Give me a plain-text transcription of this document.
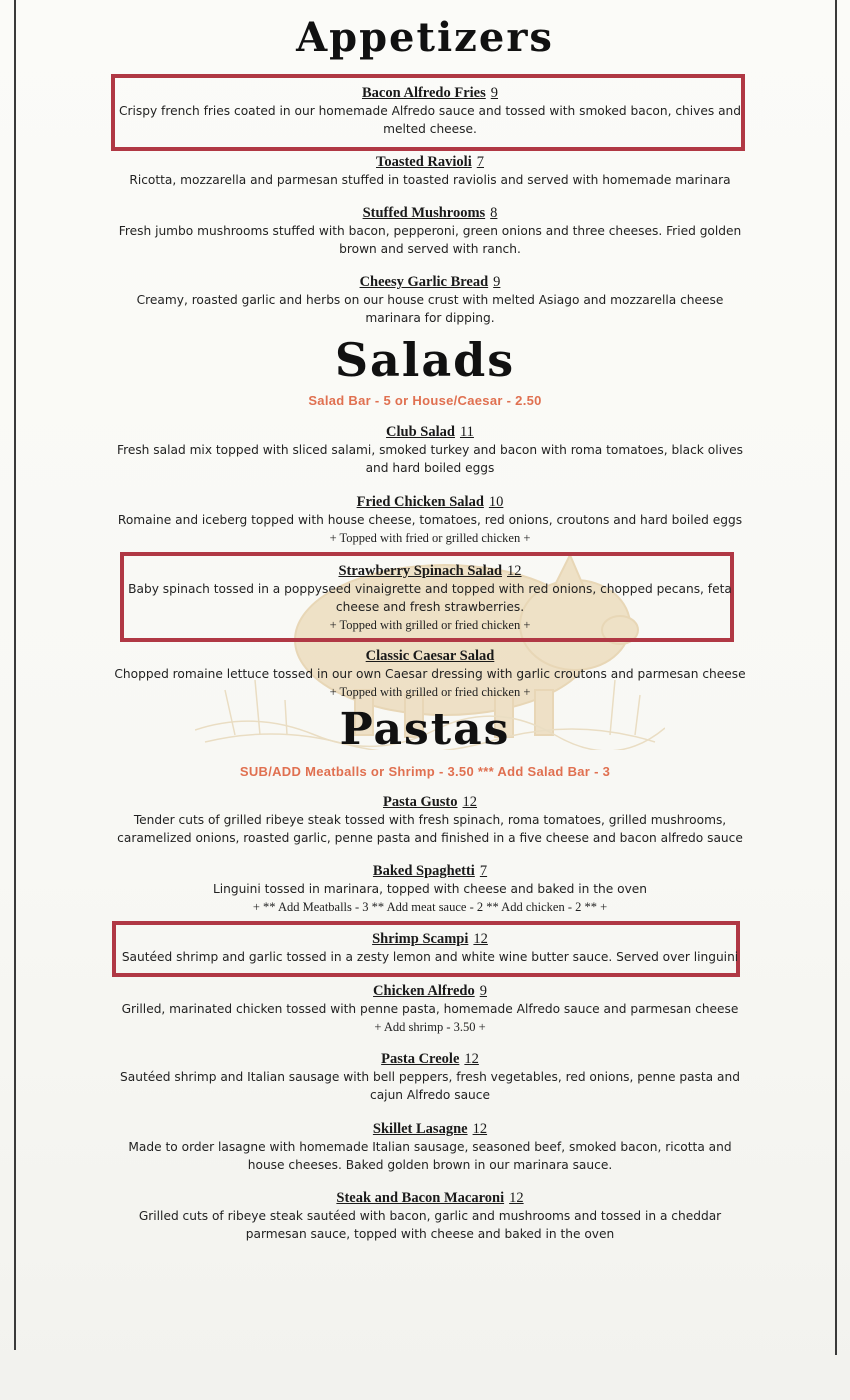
Appetizers
Bacon Alfredo Fries 9
Crispy french fries coated in our homemade Alfredo sauce and tossed with smoked bacon, chives and
melted cheese.
Toasted Ravioli 7
Ricotta, mozzarella and parmesan stuffed in toasted raviolis and served with homemade marinara
Stuffed Mushrooms 8
Fresh jumbo mushrooms stuffed with bacon, pepperoni, green onions and three cheeses. Fried golden
brown and served with ranch.
Cheesy Garlic Bread 9
Creamy, roasted garlic and herbs on our house crust with melted Asiago and mozzarella cheese
marinara for dipping.
Salads
Salad Bar - 5 or House/Caesar - 2.50
Club Salad 11
Fresh salad mix topped with sliced salami, smoked turkey and bacon with roma tomatoes, black olives
and hard boiled eggs
Fried Chicken Salad 10
Romaine and iceberg topped with house cheese, tomatoes, red onions, croutons and hard boiled eggs
+ Topped with fried or grilled chicken +
Strawberry Spinach Salad 12
Baby spinach tossed in a poppyseed vinaigrette and topped with red onions, chopped pecans, feta
cheese and fresh strawberries.
+ Topped with grilled or fried chicken +
Classic Caesar Salad
Chopped romaine lettuce tossed in our own Caesar dressing with garlic croutons and parmesan cheese
+ Topped with grilled or fried chicken +
Pastas
SUB/ADD Meatballs or Shrimp - 3.50 *** Add Salad Bar - 3
Pasta Gusto 12
Tender cuts of grilled ribeye steak tossed with fresh spinach, roma tomatoes, grilled mushrooms,
caramelized onions, roasted garlic, penne pasta and finished in a five cheese and bacon alfredo sauce
Baked Spaghetti 7
Linguini tossed in marinara, topped with cheese and baked in the oven
+ ** Add Meatballs - 3 ** Add meat sauce - 2 ** Add chicken - 2 ** +
Shrimp Scampi 12
Sautéed shrimp and garlic tossed in a zesty lemon and white wine butter sauce. Served over linguini
Chicken Alfredo 9
Grilled, marinated chicken tossed with penne pasta, homemade Alfredo sauce and parmesan cheese
+ Add shrimp - 3.50 +
Pasta Creole 12
Sautéed shrimp and Italian sausage with bell peppers, fresh vegetables, red onions, penne pasta and
cajun Alfredo sauce
Skillet Lasagne 12
Made to order lasagne with homemade Italian sausage, seasoned beef, smoked bacon, ricotta and
house cheeses. Baked golden brown in our marinara sauce.
Steak and Bacon Macaroni 12
Grilled cuts of ribeye steak sautéed with bacon, garlic and mushrooms and tossed in a cheddar
parmesan sauce, topped with cheese and baked in the oven
